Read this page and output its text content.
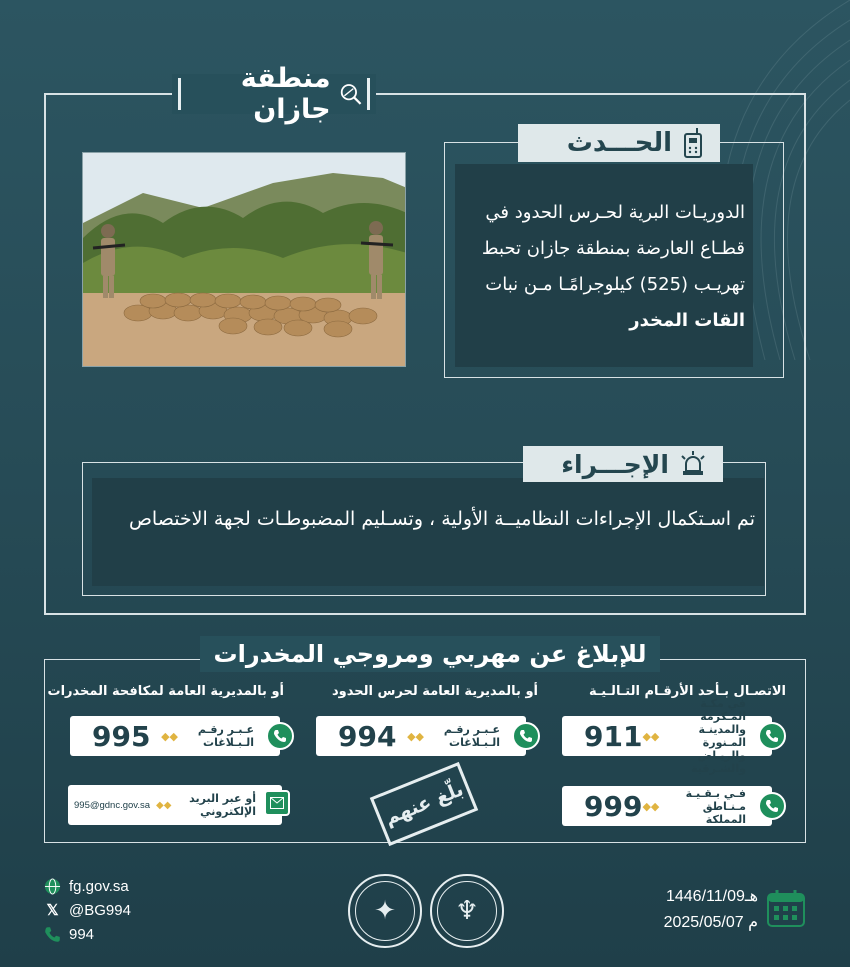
منطقة جازان
الحـــدث
الدوريـات البرية لحـرس الحدود في قطـاع العارضة بمنطقة جازان تحبط تهريـب (525) كيلوجرامًـا مـن نبات
القات المخدر
الإجـــراء
تم اسـتكمال الإجراءات النظاميــة الأولية ، وتسـليم المضبوطـات لجهة الاختصاص
للإبلاغ عن مهربي ومروجي المخدرات
الاتصـال بـأحد الأرقـام التـالـيـة
أو بالمديرية العامة لحرس الحدود
أو بالمديرية العامة لمكافحة المخدرات
911 ◆◆
في مكـة المـكرمة والمدينـة المـنورة والريـاض والشـرقية
999 ◆◆
فـي بـقـيـة مـنـاطق المملكة
994 ◆◆	عـبـر رقـم الـبـلاغات
995 ◆◆	عـبـر رقـم الـبـلاغات
بلّغ عنهم
995@gdnc.gov.sa ◆◆	أو عبر البريد الإلكتروني
fg.gov.sa
𝕏 @BG994
994
✦	♆	1446/11/09هـ
2025/05/07 م
